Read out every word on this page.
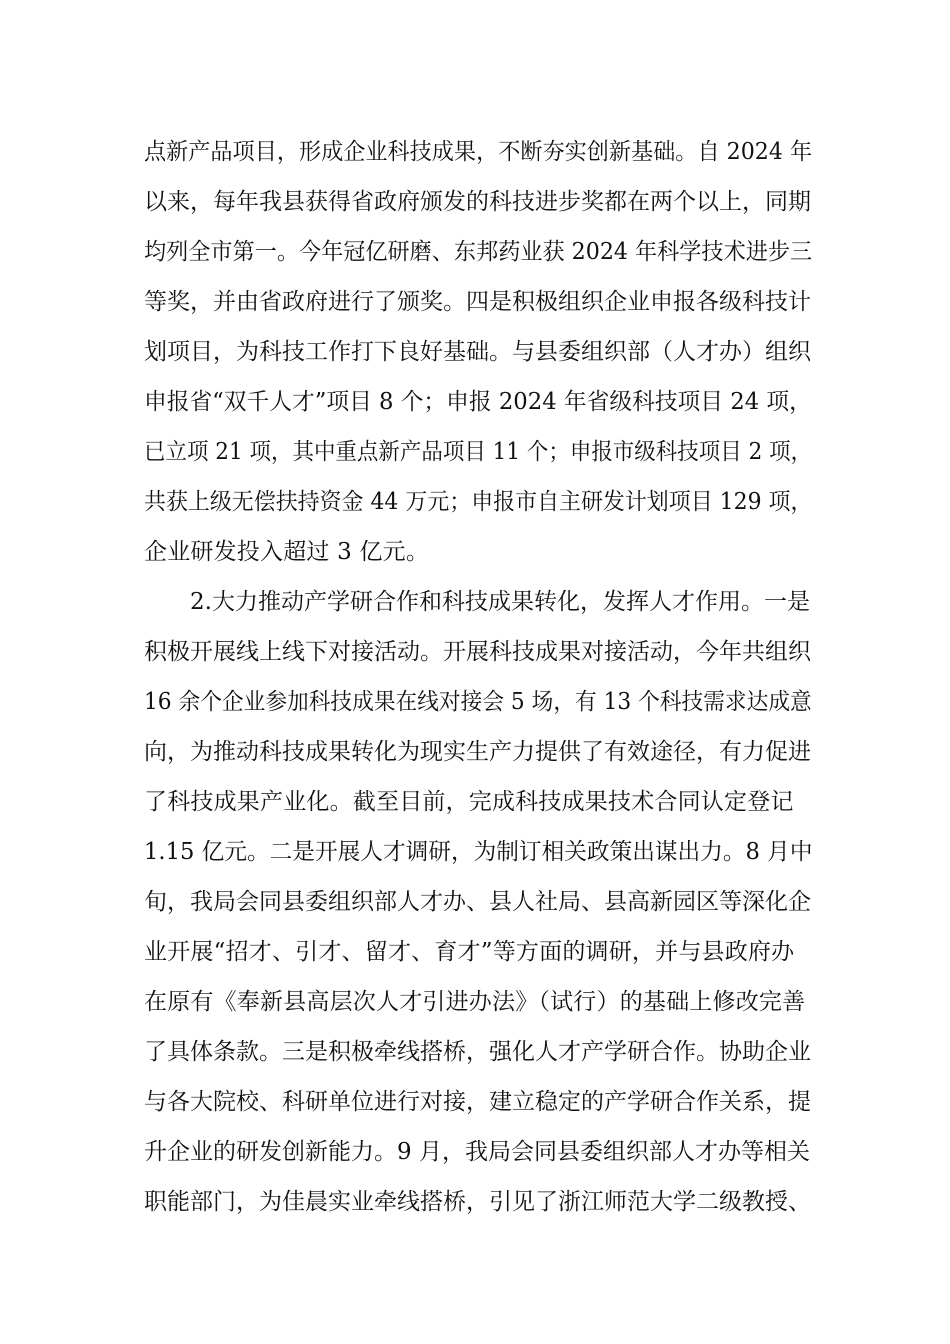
点新产品项目，形成企业科技成果，不断夯实创新基础。自 2024 年
以来，每年我县获得省政府颁发的科技进步奖都在两个以上，同期
均列全市第一。今年冠亿研磨、东邦药业获 2024 年科学技术进步三
等奖，并由省政府进行了颁奖。四是积极组织企业申报各级科技计
划项目，为科技工作打下良好基础。与县委组织部（人才办）组织
申报省“双千人才”项目 8 个；申报 2024 年省级科技项目 24 项，
已立项 21 项，其中重点新产品项目 11 个；申报市级科技项目 2 项，
共获上级无偿扶持资金 44 万元；申报市自主研发计划项目 129 项，
企业研发投入超过 3 亿元。
2.大力推动产学研合作和科技成果转化，发挥人才作用。一是
积极开展线上线下对接活动。开展科技成果对接活动，今年共组织
16 余个企业参加科技成果在线对接会 5 场，有 13 个科技需求达成意
向，为推动科技成果转化为现实生产力提供了有效途径，有力促进
了科技成果产业化。截至目前，完成科技成果技术合同认定登记
1.15 亿元。二是开展人才调研，为制订相关政策出谋出力。8 月中
旬，我局会同县委组织部人才办、县人社局、县高新园区等深化企
业开展“招才、引才、留才、育才”等方面的调研，并与县政府办
在原有《奉新县高层次人才引进办法》（试行）的基础上修改完善
了具体条款。三是积极牵线搭桥，强化人才产学研合作。协助企业
与各大院校、科研单位进行对接，建立稳定的产学研合作关系，提
升企业的研发创新能力。9 月，我局会同县委组织部人才办等相关
职能部门，为佳晨实业牵线搭桥，引见了浙江师范大学二级教授、
